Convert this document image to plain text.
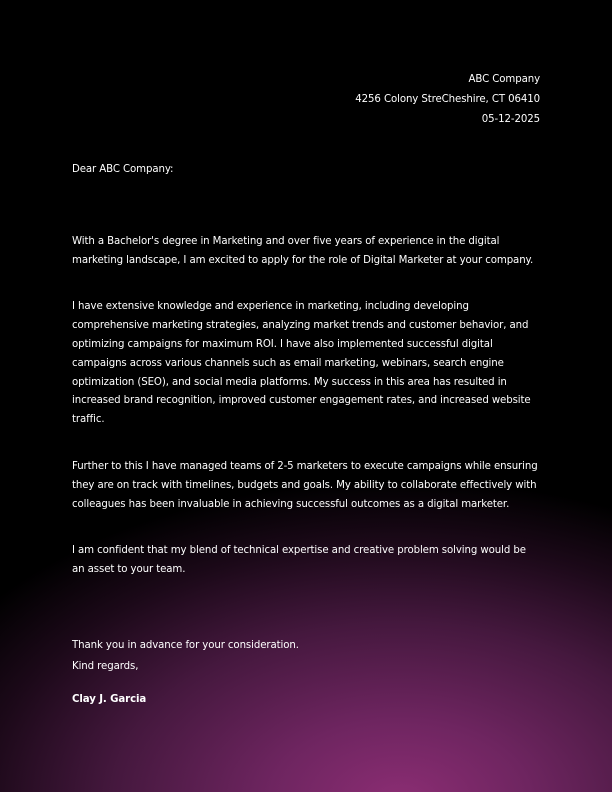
ABC Company
4256 Colony StreCheshire, CT 06410
05-12-2025
Dear ABC Company:

With a Bachelor's degree in Marketing and over five years of experience in the digital marketing landscape, I am excited to apply for the role of Digital Marketer at your company.

I have extensive knowledge and experience in marketing, including developing comprehensive marketing strategies, analyzing market trends and customer behavior, and optimizing campaigns for maximum ROI. I have also implemented successful digital campaigns across various channels such as email marketing, webinars, search engine optimization (SEO), and social media platforms. My success in this area has resulted in increased brand recognition, improved customer engagement rates, and increased website traffic.

Further to this I have managed teams of 2-5 marketers to execute campaigns while ensuring they are on track with timelines, budgets and goals. My ability to collaborate effectively with colleagues has been invaluable in achieving successful outcomes as a digital marketer.

I am confident that my blend of technical expertise and creative problem solving would be an asset to your team.

Thank you in advance for your consideration.
Kind regards,
Clay J. Garcia
